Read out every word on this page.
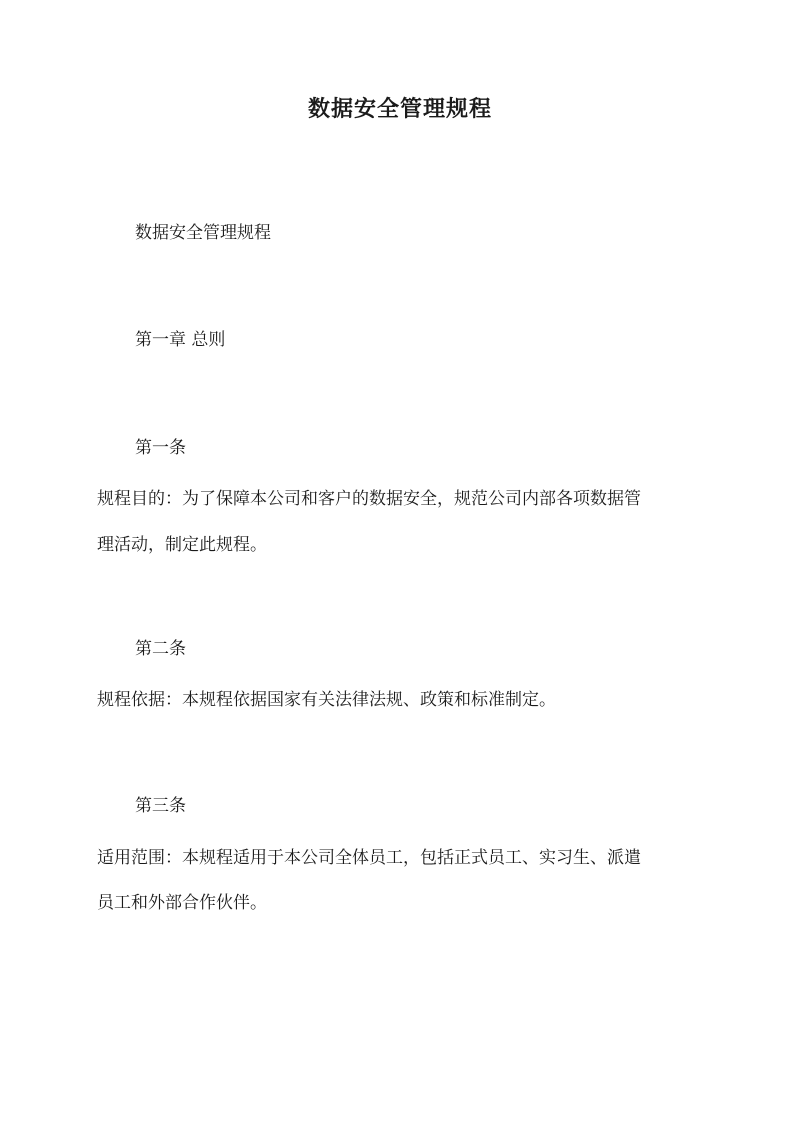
数据安全管理规程

数据安全管理规程

第一章 总则

第一条

规程目的：为了保障本公司和客户的数据安全，规范公司内部各项数据管

理活动，制定此规程。

第二条

规程依据：本规程依据国家有关法律法规、政策和标准制定。

第三条

适用范围：本规程适用于本公司全体员工，包括正式员工、实习生、派遣

员工和外部合作伙伴。
